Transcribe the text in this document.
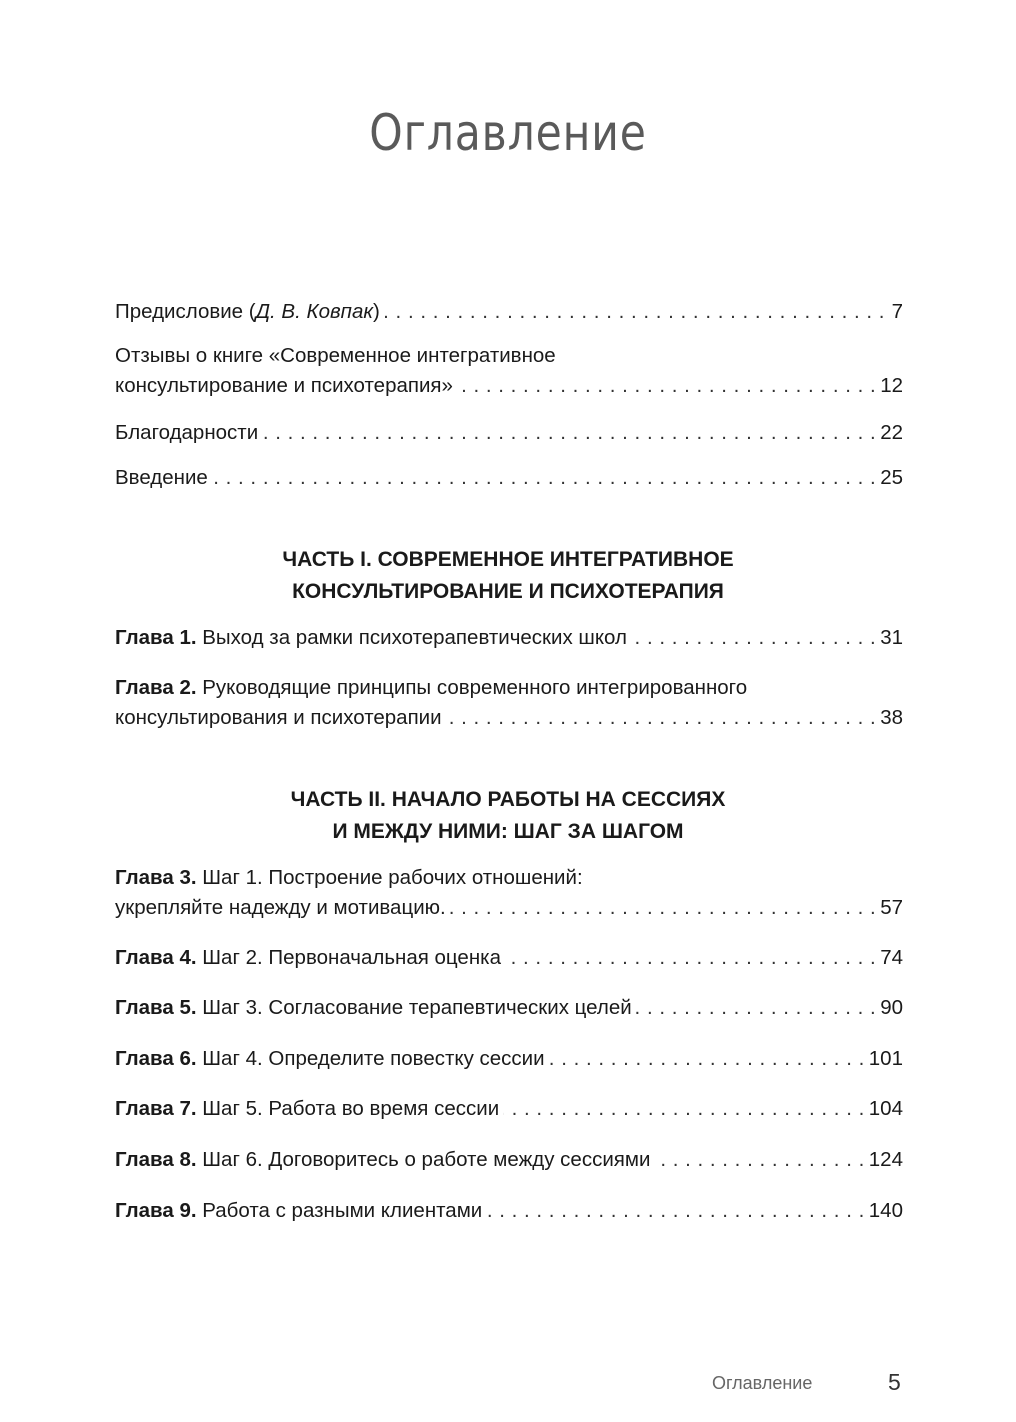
Оглавление
Предисловие (Д. В. Ковпак) . . .	7
Отзывы о книге «Современное интегративное
консультирование и психотерапия» . . .	12
Благодарности . . .	22
Введение . . .	25
ЧАСТЬ I. СОВРЕМЕННОЕ ИНТЕГРАТИВНОЕ
КОНСУЛЬТИРОВАНИЕ И ПСИХОТЕРАПИЯ
Глава 1. Выход за рамки психотерапевтических школ . . .	31
Глава 2. Руководящие принципы современного интегрированного
консультирования и психотерапии . . .	38
ЧАСТЬ II. НАЧАЛО РАБОТЫ НА СЕССИЯХ
И МЕЖДУ НИМИ: ШАГ ЗА ШАГОМ
Глава 3. Шаг 1. Построение рабочих отношений:
укрепляйте надежду и мотивацию. . . .	57
Глава 4. Шаг 2. Первоначальная оценка . . .	74
Глава 5. Шаг 3. Согласование терапевтических целей . . .	90
Глава 6. Шаг 4. Определите повестку сессии . . .	101
Глава 7. Шаг 5. Работа во время сессии . . .	104
Глава 8. Шаг 6. Договоритесь о работе между сессиями . . .	124
Глава 9. Работа с разными клиентами . . .	140
Оглавление	5
